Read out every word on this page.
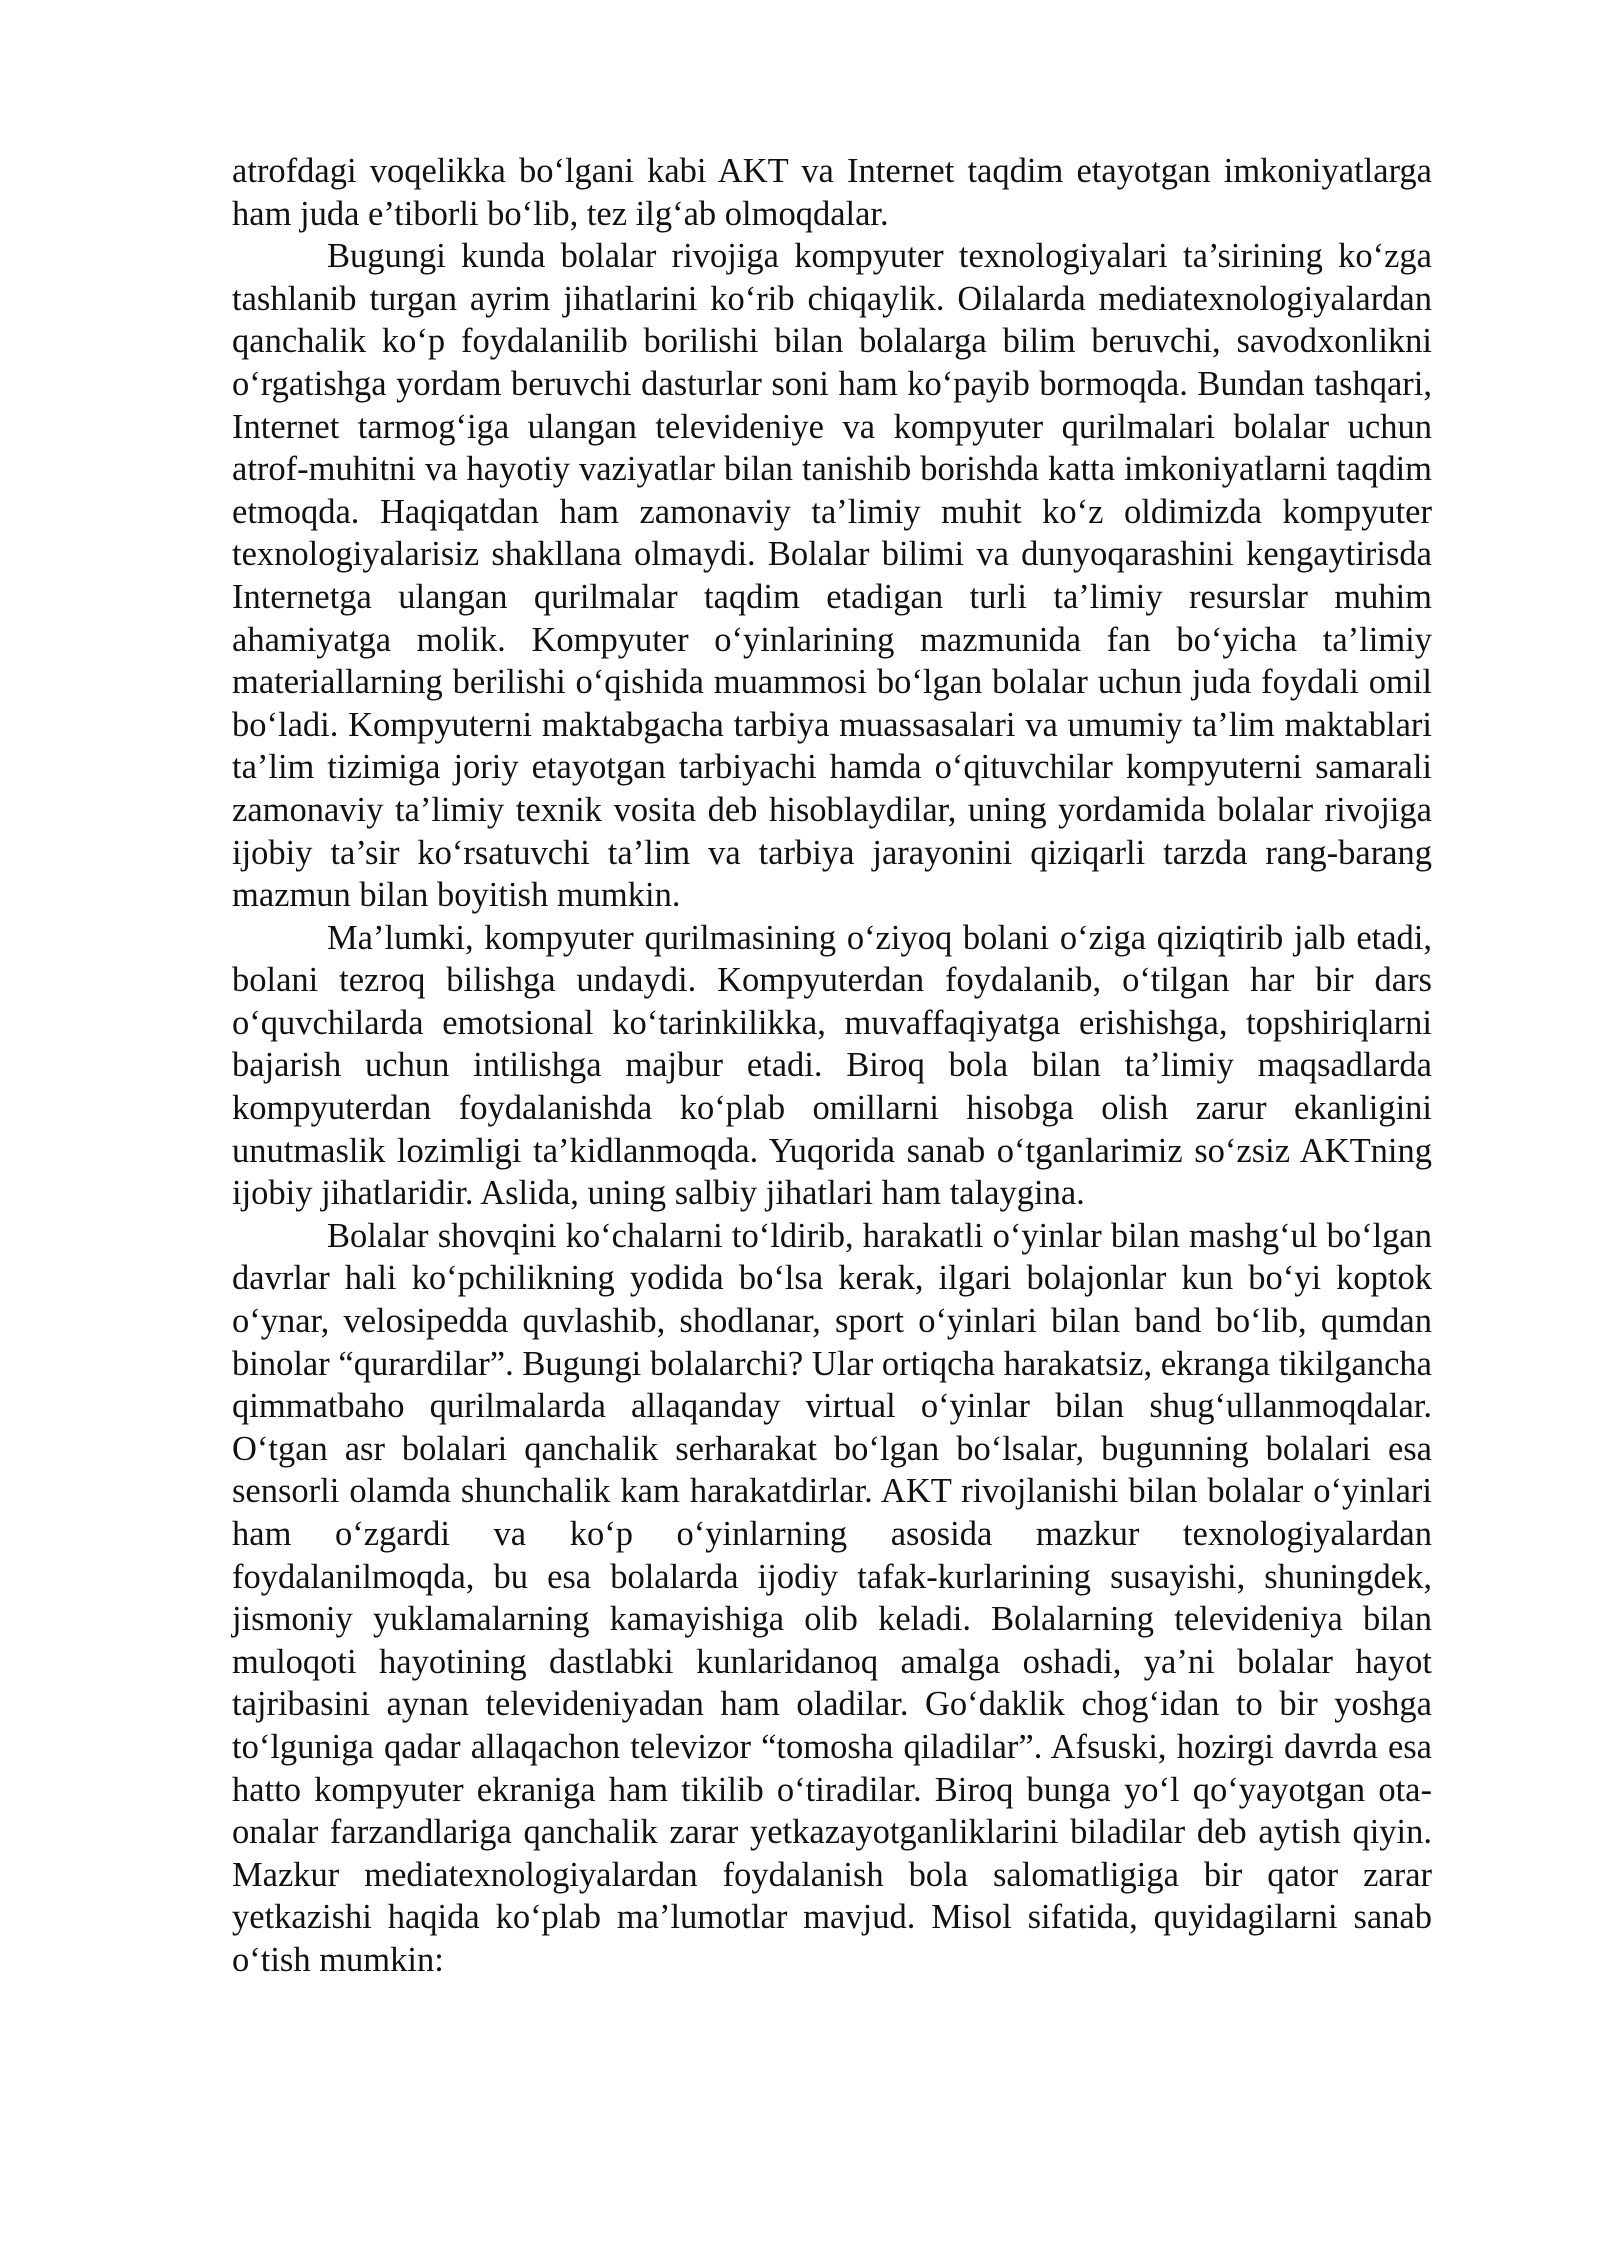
atrofdagi voqelikka bo‘lgani kabi AKT va Internet taqdim etayotgan imkoniyatlarga ham juda e’tiborli bo‘lib, tez ilg‘ab olmoqdalar.

Bugungi kunda bolalar rivojiga kompyuter texnologiyalari ta’sirining ko‘zga tashlanib turgan ayrim jihatlarini ko‘rib chiqaylik. Oilalarda mediatexnologiyalardan qanchalik ko‘p foydalanilib borilishi bilan bolalarga bilim beruvchi, savodxonlikni o‘rgatishga yordam beruvchi dasturlar soni ham ko‘payib bormoqda. Bundan tashqari, Internet tarmog‘iga ulangan televideniye va kompyuter qurilmalari bolalar uchun atrof-muhitni va hayotiy vaziyatlar bilan tanishib borishda katta imkoniyatlarni taqdim etmoqda. Haqiqatdan ham zamonaviy ta’limiy muhit ko‘z oldimizda kompyuter texnologiyalarisiz shakllana olmaydi. Bolalar bilimi va dunyoqarashini kengaytirisda Internetga ulangan qurilmalar taqdim etadigan turli ta’limiy resurslar muhim ahamiyatga molik. Kompyuter o‘yinlarining mazmunida fan bo‘yicha ta’limiy materiallarning berilishi o‘qishida muammosi bo‘lgan bolalar uchun juda foydali omil bo‘ladi. Kompyuterni maktabgacha tarbiya muassasalari va umumiy ta’lim maktablari ta’lim tizimiga joriy etayotgan tarbiyachi hamda o‘qituvchilar kompyuterni samarali zamonaviy ta’limiy texnik vosita deb hisoblaydilar, uning yordamida bolalar rivojiga ijobiy ta’sir ko‘rsatuvchi ta’lim va tarbiya jarayonini qiziqarli tarzda rang-barang mazmun bilan boyitish mumkin.

Ma’lumki, kompyuter qurilmasining o‘ziyoq bolani o‘ziga qiziqtirib jalb etadi, bolani tezroq bilishga undaydi. Kompyuterdan foydalanib, o‘tilgan har bir dars o‘quvchilarda emotsional ko‘tarinkilikka, muvaffaqiyatga erishishga, topshiriqlarni bajarish uchun intilishga majbur etadi. Biroq bola bilan ta’limiy maqsadlarda kompyuterdan foydalanishda ko‘plab omillarni hisobga olish zarur ekanligini unutmaslik lozimligi ta’kidlanmoqda. Yuqorida sanab o‘tganlarimiz so‘zsiz AKTning ijobiy jihatlaridir. Aslida, uning salbiy jihatlari ham talaygina.

Bolalar shovqini ko‘chalarni to‘ldirib, harakatli o‘yinlar bilan mashg‘ul bo‘lgan davrlar hali ko‘pchilikning yodida bo‘lsa kerak, ilgari bolajonlar kun bo‘yi koptok o‘ynar, velosipedda quvlashib, shodlanar, sport o‘yinlari bilan band bo‘lib, qumdan binolar “qurardilar”. Bugungi bolalarchi? Ular ortiqcha harakatsiz, ekranga tikilgancha qimmatbaho qurilmalarda allaqanday virtual o‘yinlar bilan shug‘ullanmoqdalar. O‘tgan asr bolalari qanchalik serharakat bo‘lgan bo‘lsalar, bugunning bolalari esa sensorli olamda shunchalik kam harakatdirlar. AKT rivojlanishi bilan bolalar o‘yinlari ham o‘zgardi va ko‘p o‘yinlarning asosida mazkur texnologiyalardan foydalanilmoqda, bu esa bolalarda ijodiy tafak-kurlarining susayishi, shuningdek, jismoniy yuklamalarning kamayishiga olib keladi. Bolalarning televideniya bilan muloqoti hayotining dastlabki kunlaridanoq amalga oshadi, ya’ni bolalar hayot tajribasini aynan televideniyadan ham oladilar. Go‘daklik chog‘idan to bir yoshga to‘lguniga qadar allaqachon televizor “tomosha qiladilar”. Afsuski, hozirgi davrda esa hatto kompyuter ekraniga ham tikilib o‘tiradilar. Biroq bunga yo‘l qo‘yayotgan ota-onalar farzandlariga qanchalik zarar yetkazayotganliklarini biladilar deb aytish qiyin. Mazkur mediatexnologiyalardan foydalanish bola salomatligiga bir qator zarar yetkazishi haqida ko‘plab ma’lumotlar mavjud. Misol sifatida, quyidagilarni sanab o‘tish mumkin:
